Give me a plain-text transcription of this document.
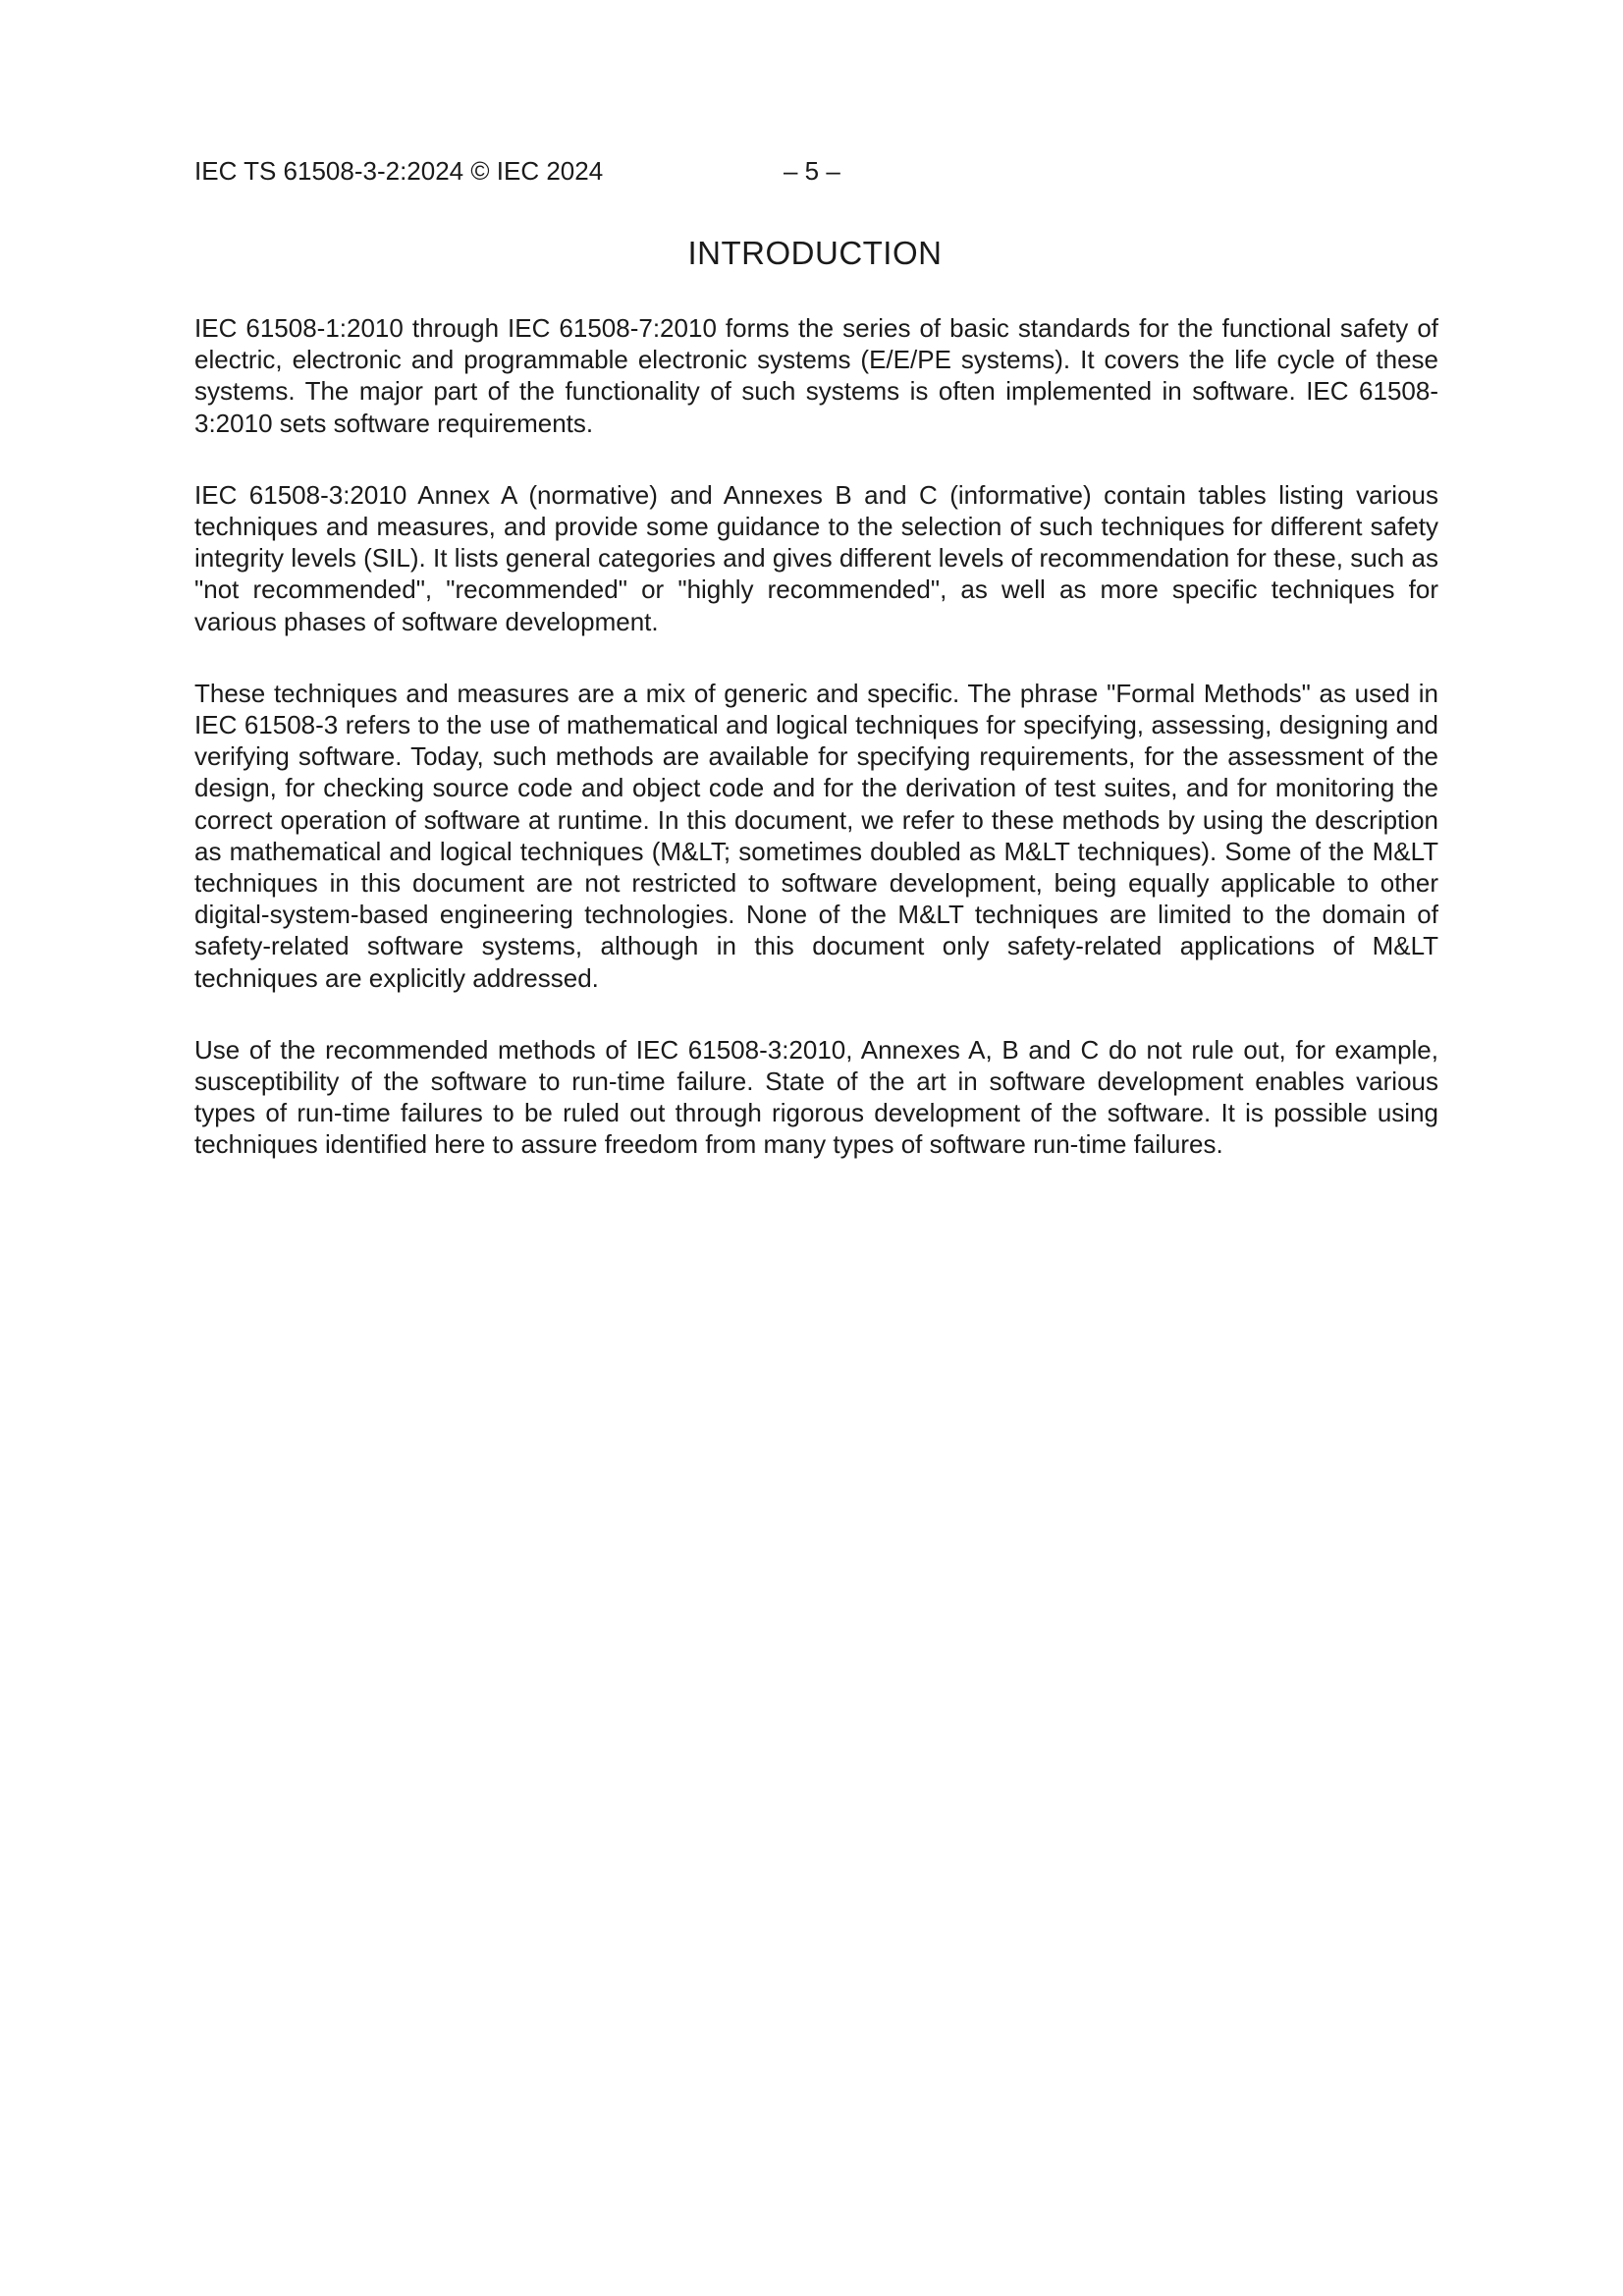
IEC TS 61508-3-2:2024 © IEC 2024	– 5 –
INTRODUCTION

IEC 61508-1:2010 through IEC 61508-7:2010 forms the series of basic standards for the functional safety of electric, electronic and programmable electronic systems (E/E/PE systems). It covers the life cycle of these systems. The major part of the functionality of such systems is often implemented in software. IEC 61508-3:2010 sets software requirements.

IEC 61508-3:2010 Annex A (normative) and Annexes B and C (informative) contain tables listing various techniques and measures, and provide some guidance to the selection of such techniques for different safety integrity levels (SIL). It lists general categories and gives different levels of recommendation for these, such as "not recommended", "recommended" or "highly recommended", as well as more specific techniques for various phases of software development.

These techniques and measures are a mix of generic and specific. The phrase "Formal Methods" as used in IEC 61508-3 refers to the use of mathematical and logical techniques for specifying, assessing, designing and verifying software. Today, such methods are available for specifying requirements, for the assessment of the design, for checking source code and object code and for the derivation of test suites, and for monitoring the correct operation of software at runtime. In this document, we refer to these methods by using the description as mathematical and logical techniques (M&LT; sometimes doubled as M&LT techniques). Some of the M&LT techniques in this document are not restricted to software development, being equally applicable to other digital-system-based engineering technologies. None of the M&LT techniques are limited to the domain of safety-related software systems, although in this document only safety-related applications of M&LT techniques are explicitly addressed.

Use of the recommended methods of IEC 61508-3:2010, Annexes A, B and C do not rule out, for example, susceptibility of the software to run-time failure. State of the art in software development enables various types of run-time failures to be ruled out through rigorous development of the software. It is possible using techniques identified here to assure freedom from many types of software run-time failures.
